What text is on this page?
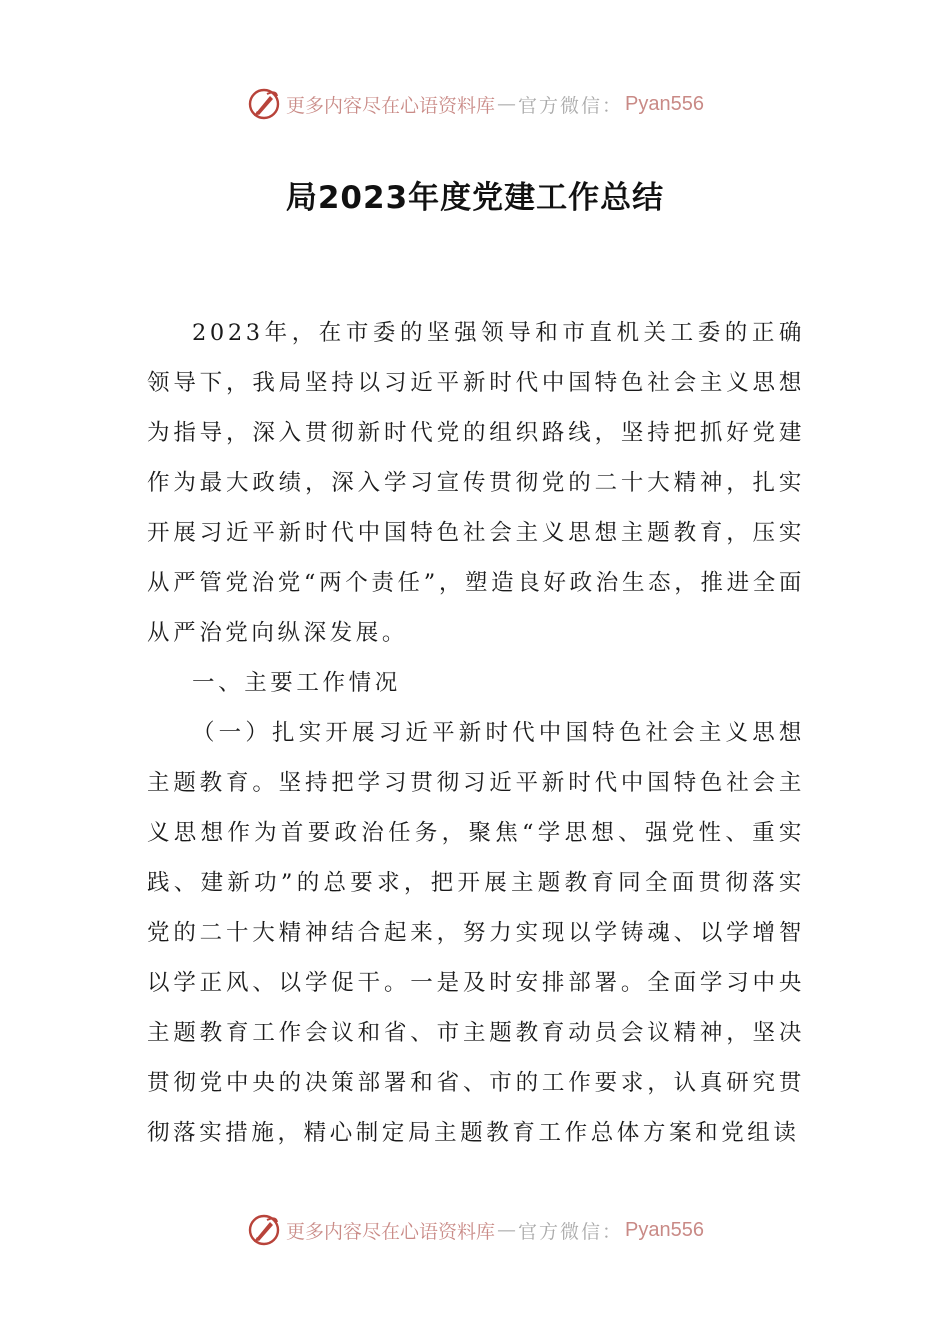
更多内容尽在心语资料库 — 官方微信： Pyan556
局2023年度党建工作总结

2023年，在市委的坚强领导和市直机关工委的正确领导下，我局坚持以习近平新时代中国特色社会主义思想为指导，深入贯彻新时代党的组织路线，坚持把抓好党建作为最大政绩，深入学习宣传贯彻党的二十大精神，扎实开展习近平新时代中国特色社会主义思想主题教育，压实从严管党治党“两个责任”，塑造良好政治生态，推进全面从严治党向纵深发展。

一、主要工作情况

（一）扎实开展习近平新时代中国特色社会主义思想主题教育。坚持把学习贯彻习近平新时代中国特色社会主义思想作为首要政治任务，聚焦“学思想、强党性、重实践、建新功”的总要求，把开展主题教育同全面贯彻落实党的二十大精神结合起来，努力实现以学铸魂、以学增智以学正风、以学促干。一是及时安排部署。全面学习中央主题教育工作会议和省、市主题教育动员会议精神，坚决贯彻党中央的决策部署和省、市的工作要求，认真研究贯彻落实措施，精心制定局主题教育工作总体方案和党组读

更多内容尽在心语资料库 — 官方微信： Pyan556
